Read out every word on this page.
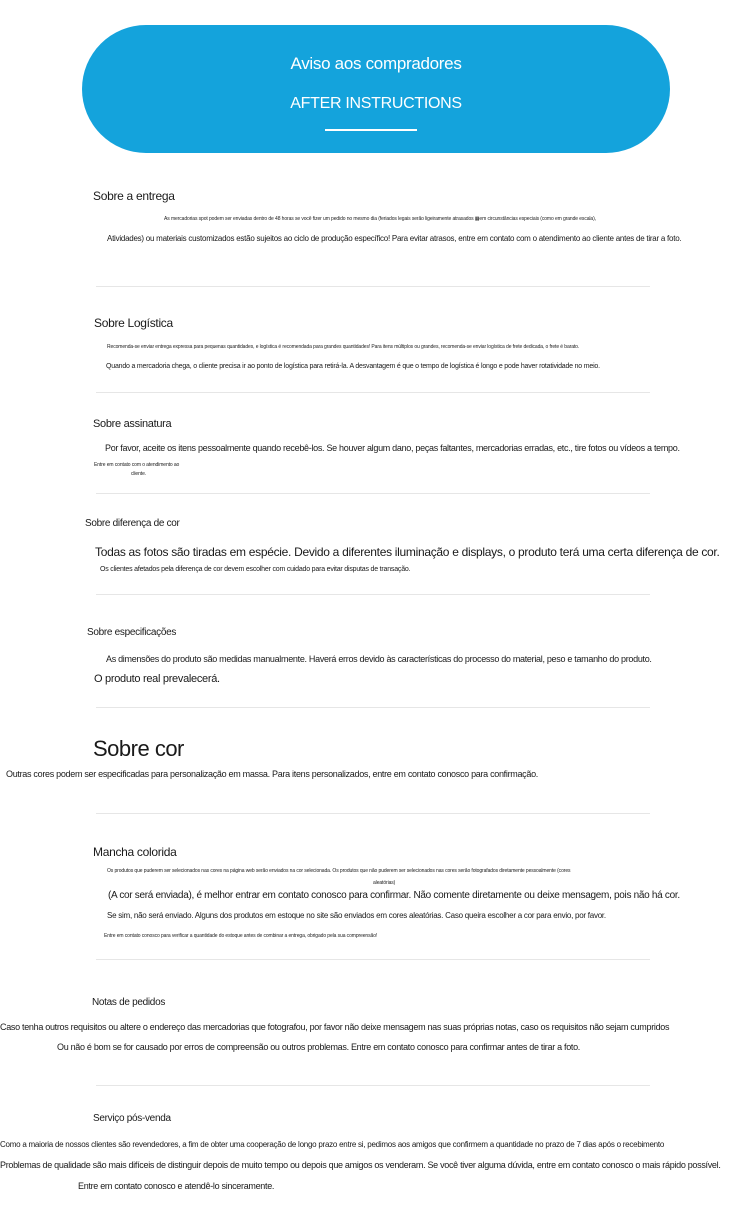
Aviso aos compradores
AFTER INSTRUCTIONS
Sobre a entrega
As mercadorias spot podem ser enviadas dentro de 48 horas se você fizer um pedido no mesmo dia (feriados legais serão ligeiramente atrasados ▦em circunstâncias especiais (como em grande escala),
Atividades) ou materiais customizados estão sujeitos ao ciclo de produção específico! Para evitar atrasos, entre em contato com o atendimento ao cliente antes de tirar a foto.
Sobre Logística
Recomenda-se enviar entrega expressa para pequenas quantidades, e logística é recomendada para grandes quantidades! Para itens múltiplos ou grandes, recomenda-se enviar logística de frete dedicada, o frete é barato.
Quando a mercadoria chega, o cliente precisa ir ao ponto de logística para retirá-la. A desvantagem é que o tempo de logística é longo e pode haver rotatividade no meio.
Sobre assinatura
Por favor, aceite os itens pessoalmente quando recebê-los. Se houver algum dano, peças faltantes, mercadorias erradas, etc., tire fotos ou vídeos a tempo.
Entre em contato com o atendimento ao
cliente.
Sobre diferença de cor
Todas as fotos são tiradas em espécie. Devido a diferentes iluminação e displays, o produto terá uma certa diferença de cor.
Os clientes afetados pela diferença de cor devem escolher com cuidado para evitar disputas de transação.
Sobre especificações
As dimensões do produto são medidas manualmente. Haverá erros devido às características do processo do material, peso e tamanho do produto.
O produto real prevalecerá.
Sobre cor
Outras cores podem ser especificadas para personalização em massa. Para itens personalizados, entre em contato conosco para confirmação.
Mancha colorida
Os produtos que puderem ser selecionados nas cores na página web serão enviados na cor selecionada. Os produtos que não puderem ser selecionados nas cores serão fotografados diretamente pessoalmente (cores
aleatórias)
(A cor será enviada), é melhor entrar em contato conosco para confirmar. Não comente diretamente ou deixe mensagem, pois não há cor.
Se sim, não será enviado. Alguns dos produtos em estoque no site são enviados em cores aleatórias. Caso queira escolher a cor para envio, por favor.
Entre em contato conosco para verificar a quantidade do estoque antes de combinar a entrega, obrigado pela sua compreensão!
Notas de pedidos
Caso tenha outros requisitos ou altere o endereço das mercadorias que fotografou, por favor não deixe mensagem nas suas próprias notas, caso os requisitos não sejam cumpridos
Ou não é bom se for causado por erros de compreensão ou outros problemas. Entre em contato conosco para confirmar antes de tirar a foto.
Serviço pós-venda
Como a maioria de nossos clientes são revendedores, a fim de obter uma cooperação de longo prazo entre si, pedimos aos amigos que confirmem a quantidade no prazo de 7 dias após o recebimento
Problemas de qualidade são mais difíceis de distinguir depois de muito tempo ou depois que amigos os venderam. Se você tiver alguma dúvida, entre em contato conosco o mais rápido possível.
Entre em contato conosco e atendê-lo sinceramente.
